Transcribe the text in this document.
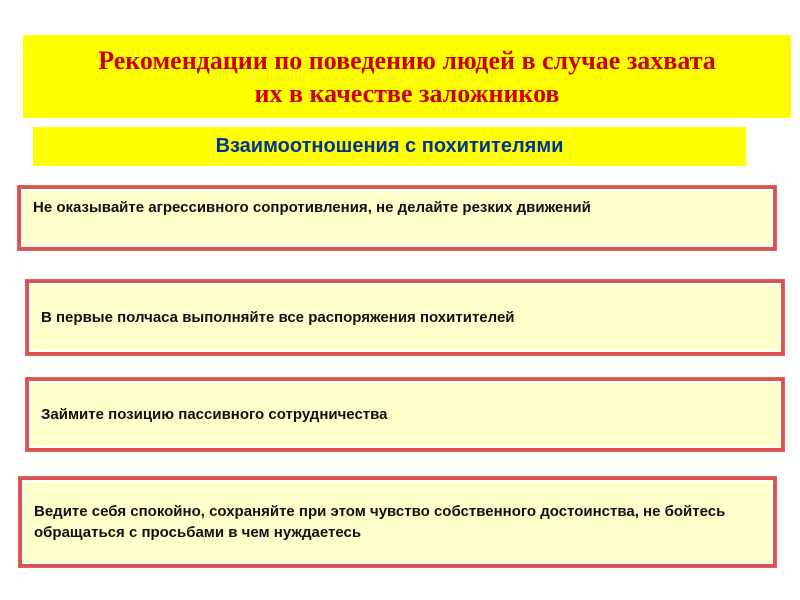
Рекомендации по поведению людей в случае захвата
их в качестве заложников
Взаимоотношения с похитителями
Не оказывайте агрессивного сопротивления, не делайте резких движений
В первые полчаса выполняйте все распоряжения похитителей
Займите позицию пассивного сотрудничества
Ведите себя спокойно, сохраняйте при этом чувство собственного достоинства, не бойтесь обращаться с просьбами в чем нуждаетесь
